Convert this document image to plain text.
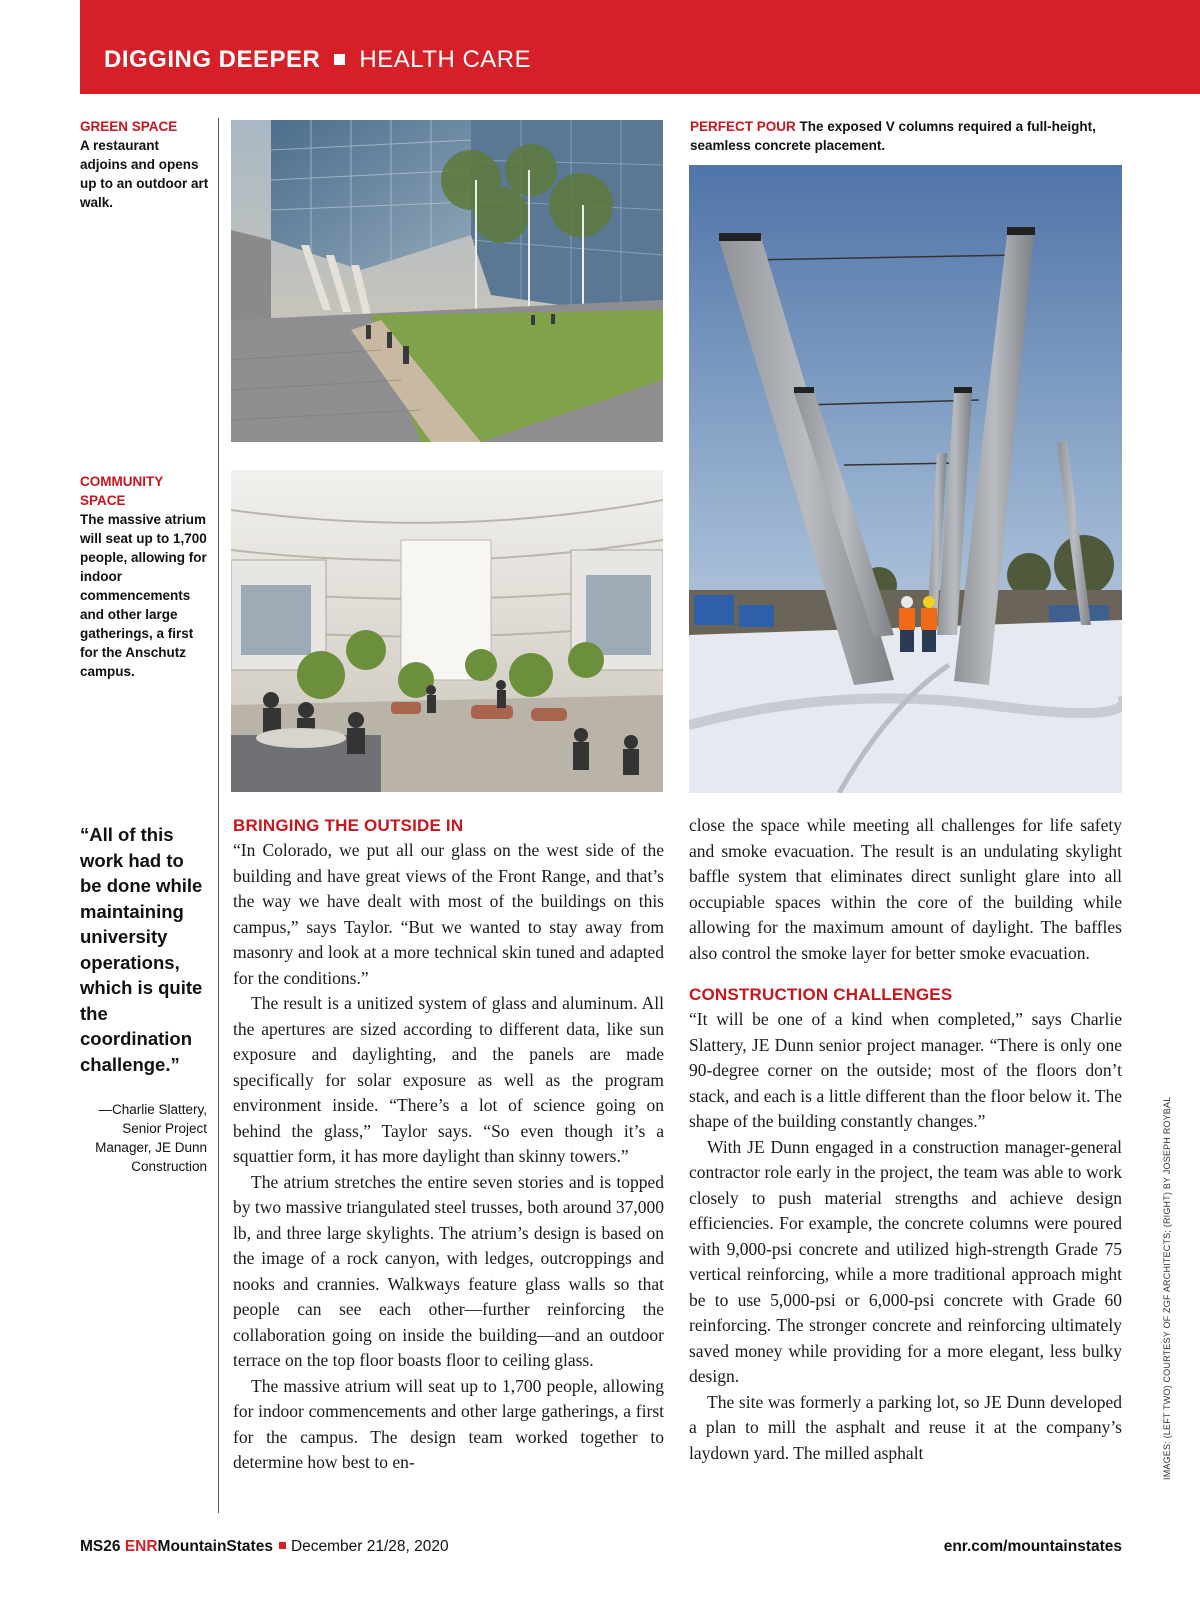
DIGGING DEEPER HEALTH CARE
GREEN SPACE
A restaurant adjoins and opens up to an outdoor art walk.
COMMUNITY SPACE
The massive atrium will seat up to 1,700 people, allowing for indoor commencements and other large gatherings, a first for the Anschutz campus.
PERFECT POUR The exposed V columns required a full-height, seamless concrete placement.
“All of this work had to be done while maintaining university operations, which is quite the coordination challenge.”
—Charlie Slattery, Senior Project Manager, JE Dunn Construction
BRINGING THE OUTSIDE IN

“In Colorado, we put all our glass on the west side of the building and have great views of the Front Range, and that’s the way we have dealt with most of the buildings on this campus,” says Taylor. “But we wanted to stay away from masonry and look at a more technical skin tuned and adapted for the conditions.”

The result is a unitized system of glass and aluminum. All the apertures are sized according to different data, like sun exposure and daylighting, and the panels are made specifically for solar exposure as well as the program environment inside. “There’s a lot of science going on behind the glass,” Taylor says. “So even though it’s a squattier form, it has more daylight than skinny towers.”

The atrium stretches the entire seven stories and is topped by two massive triangulated steel trusses, both around 37,000 lb, and three large skylights. The atrium’s design is based on the image of a rock canyon, with ledges, outcroppings and nooks and crannies. Walkways feature glass walls so that people can see each other—further reinforcing the collaboration going on inside the building—and an outdoor terrace on the top floor boasts floor to ceiling glass.

The massive atrium will seat up to 1,700 people, allowing for indoor commencements and other large gatherings, a first for the campus. The design team worked together to determine how best to en-

close the space while meeting all challenges for life safety and smoke evacuation. The result is an undulating skylight baffle system that eliminates direct sunlight glare into all occupiable spaces within the core of the building while allowing for the maximum amount of daylight. The baffles also control the smoke layer for better smoke evacuation.

CONSTRUCTION CHALLENGES

“It will be one of a kind when completed,” says Charlie Slattery, JE Dunn senior project manager. “There is only one 90-degree corner on the outside; most of the floors don’t stack, and each is a little different than the floor below it. The shape of the building constantly changes.”

With JE Dunn engaged in a construction manager-general contractor role early in the project, the team was able to work closely to push material strengths and achieve design efficiencies. For example, the concrete columns were poured with 9,000-psi concrete and utilized high-strength Grade 75 vertical reinforcing, while a more traditional approach might be to use 5,000-psi or 6,000-psi concrete with Grade 60 reinforcing. The stronger concrete and reinforcing ultimately saved money while providing for a more elegant, less bulky design.

The site was formerly a parking lot, so JE Dunn developed a plan to mill the asphalt and reuse it at the company’s laydown yard. The milled asphalt	IMAGES: (LEFT TWO) COURTESY OF ZGF ARCHITECTS; (RIGHT) BY JOSEPH ROYBAL
MS26 ENRMountainStates December 21/28, 2020	enr.com/mountainstates
